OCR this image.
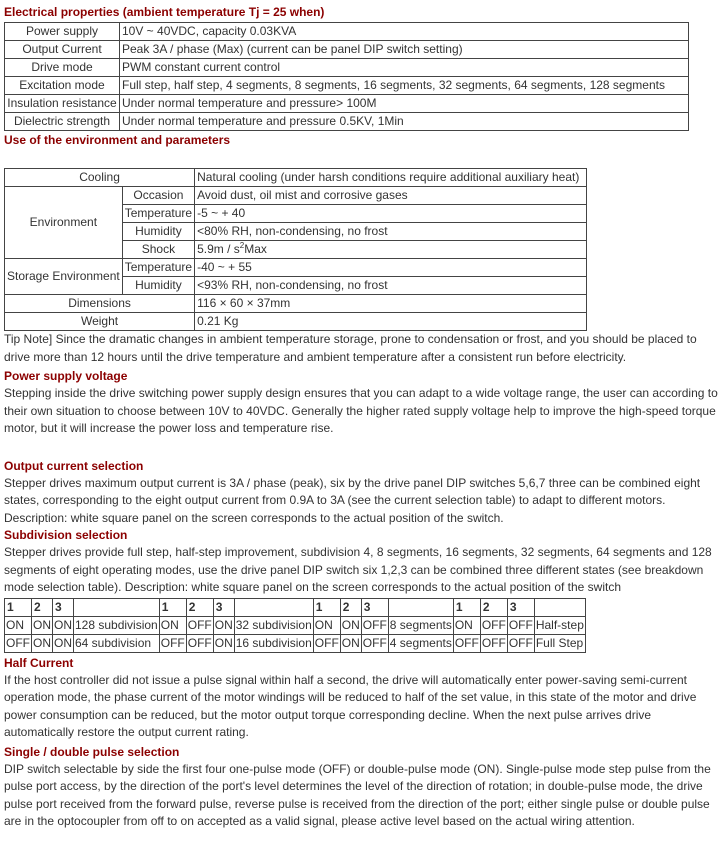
Electrical properties (ambient temperature Tj = 25 when)

Power supply	10V ~ 40VDC, capacity 0.03KVA
Output Current	Peak 3A / phase (Max) (current can be panel DIP switch setting)
Drive mode	PWM constant current control
Excitation mode	Full step, half step, 4 segments, 8 segments, 16 segments, 32 segments, 64 segments, 128 segments
Insulation resistance	Under normal temperature and pressure> 100M
Dielectric strength	Under normal temperature and pressure 0.5KV, 1Min

Use of the environment and parameters

Cooling		Natural cooling (under harsh conditions require additional auxiliary heat)
Environment	Occasion	Avoid dust, oil mist and corrosive gases
	Temperature	-5 ~ + 40
	Humidity	<80% RH, non-condensing, no frost
	Shock	$5.9m / s^2Max$
Storage Environment	Temperature	-40 ~ + 55
	Humidity	<93% RH, non-condensing, no frost
Dimensions		116 × 60 × 37mm
Weight		0.21 Kg

Tip Note] Since the dramatic changes in ambient temperature storage, prone to condensation or frost, and you should be placed to drive more than 12 hours until the drive temperature and ambient temperature after a consistent run before electricity.

Power supply voltage

Stepping inside the drive switching power supply design ensures that you can adapt to a wide voltage range, the user can according to their own situation to choose between 10V to 40VDC. Generally the higher rated supply voltage help to improve the high-speed torque motor, but it will increase the power loss and temperature rise.

Output current selection

Stepper drives maximum output current is 3A / phase (peak), six by the drive panel DIP switches 5,6,7 three can be combined eight states, corresponding to the eight output current from 0.9A to 3A (see the current selection table) to adapt to different motors. Description: white square panel on the screen corresponds to the actual position of the switch.

Subdivision selection

Stepper drives provide full step, half-step improvement, subdivision 4, 8 segments, 16 segments, 32 segments, 64 segments and 128 segments of eight operating modes, use the drive panel DIP switch six 1,2,3 can be combined three different states (see breakdown mode selection table). Description: white square panel on the screen corresponds to the actual position of the switch

1	2	3		1	2	3		1	2	3		1	2	3	
ON	ON	ON	128 subdivision	ON	OFF	ON	32 subdivision	ON	ON	OFF	8 segments	ON	OFF	OFF	Half-step
OFF	ON	ON	64 subdivision	OFF	OFF	ON	16 subdivision	OFF	ON	OFF	4 segments	OFF	OFF	OFF	Full Step

Half Current

If the host controller did not issue a pulse signal within half a second, the drive will automatically enter power-saving semi-current operation mode, the phase current of the motor windings will be reduced to half of the set value, in this state of the motor and drive power consumption can be reduced, but the motor output torque corresponding decline. When the next pulse arrives drive automatically restore the output current rating.

Single / double pulse selection

DIP switch selectable by side the first four one-pulse mode (OFF) or double-pulse mode (ON). Single-pulse mode step pulse from the pulse port access, by the direction of the port's level determines the level of the direction of rotation; in double-pulse mode, the drive pulse port received from the forward pulse, reverse pulse is received from the direction of the port; either single pulse or double pulse are in the optocoupler from off to on accepted as a valid signal, please active level based on the actual wiring attention.
